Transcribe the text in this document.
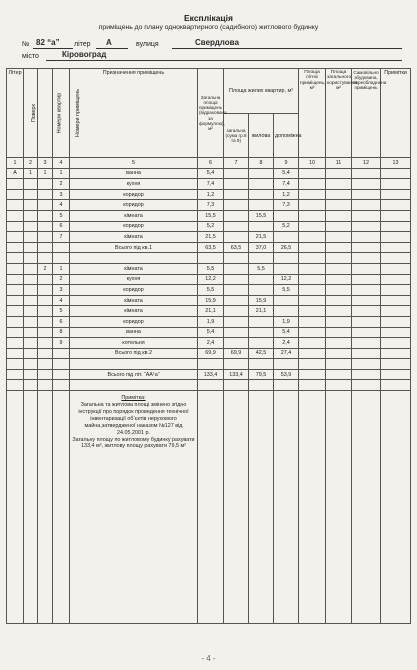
Експлікація
приміщень до плану одноквартирного (садибного) житлового будинку
№ 82 “а” літер А	вулиця	Свердлова
місто	Кіровоград
Літер	Поверх	Номери квартир	Номери приміщень	Призначення приміщень	Загальна площа приміщень (відрахована за формулою), м²	Площа жилих квартир, м²			Площа літніх приміщень, м²	Площа загального користування, м²	Самовільно збудована, переобладнана приміщень	Примітки
						загальна (сума гр.8 та 9)	жилова	допоміжна				
1	2	3	4	5	6	7	8	9	10	11	12	13
А	1	1	1	ванна	5,4			5,4				
			2	кухня	7,4			7,4				
			3	коридор	1,2			1,2				
			4	коридор	7,3			7,3				
			5	кімната	15,5		15,5					
			6	коридор	5,2			5,2				
			7	кімната	21,5		21,5					
				Всього під кв.1	63,5	63,5	37,0	26,5				

		2	1	кімната	5,5		5,5					
			2	кухня	12,2			12,2				
			3	коридор	5,5			5,5				
			4	кімната	15,9		15,9					
			5	кімната	21,1		21,1					
			6	коридор	1,9			1,9				
			8	ванна	5,4			5,4				
			9	котельня	2,4			2,4				
				Всього під кв.2	69,9	69,9	42,5	27,4				

				Всього під літ. “АА¹а”	133,4	133,4	79,5	53,9				

				Примітка:
Загальна та житлова площі змінено згідно інструкції про порядок проведення технічної інвентаризації об’єктів нерухомого майна,затвердженої наказом №127 від 24.05.2001 р.
Загальну площу по житловому будинку рахувати 133,4 м², житлову площу рахувати 79,5 м²								

- 4 -
